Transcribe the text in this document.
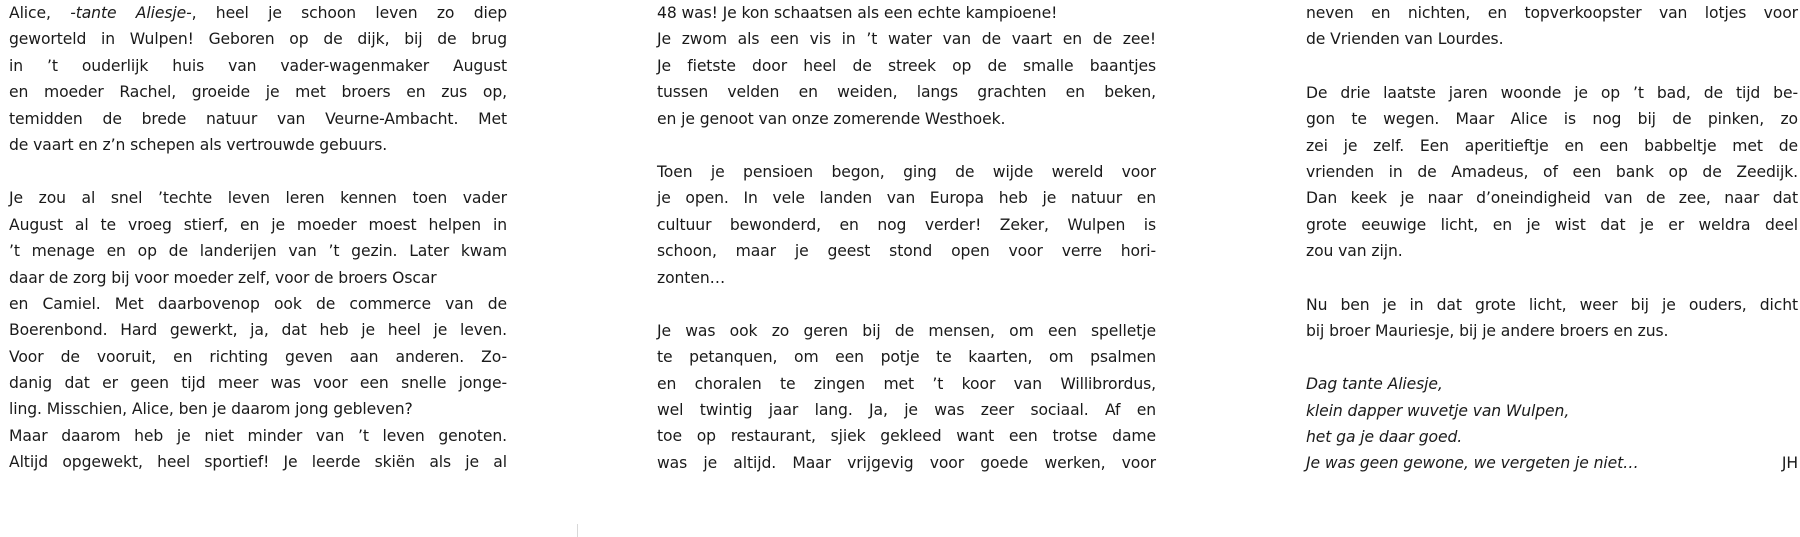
Alice, -tante Aliesje-, heel je schoon leven zo diep
geworteld in Wulpen! Geboren op de dijk, bij de brug
in ’t ouderlijk huis van vader-wagenmaker August
en moeder Rachel, groeide je met broers en zus op,
temidden de brede natuur van Veurne-Ambacht. Met
de vaart en z’n schepen als vertrouwde gebuurs.
Je zou al snel ’techte leven leren kennen toen vader
August al te vroeg stierf, en je moeder moest helpen in
’t menage en op de landerijen van ’t gezin. Later kwam
daar de zorg bij voor moeder zelf, voor de broers Oscar
en Camiel. Met daarbovenop ook de commerce van de
Boerenbond. Hard gewerkt, ja, dat heb je heel je leven.
Voor de vooruit, en richting geven aan anderen. Zo-
danig dat er geen tijd meer was voor een snelle jonge-
ling. Misschien, Alice, ben je daarom jong gebleven?
Maar daarom heb je niet minder van ’t leven genoten.
Altijd opgewekt, heel sportief! Je leerde skiën als je al
48 was! Je kon schaatsen als een echte kampioene!
Je zwom als een vis in ’t water van de vaart en de zee!
Je fietste door heel de streek op de smalle baantjes
tussen velden en weiden, langs grachten en beken,
en je genoot van onze zomerende Westhoek.
Toen je pensioen begon, ging de wijde wereld voor
je open. In vele landen van Europa heb je natuur en
cultuur bewonderd, en nog verder! Zeker, Wulpen is
schoon, maar je geest stond open voor verre hori-
zonten…
Je was ook zo geren bij de mensen, om een spelletje
te petanquen, om een potje te kaarten, om psalmen
en choralen te zingen met ’t koor van Willibrordus,
wel twintig jaar lang. Ja, je was zeer sociaal. Af en
toe op restaurant, sjiek gekleed want een trotse dame
was je altijd. Maar vrijgevig voor goede werken, voor
neven en nichten, en topverkoopster van lotjes voor
de Vrienden van Lourdes.
De drie laatste jaren woonde je op ’t bad, de tijd be-
gon te wegen. Maar Alice is nog bij de pinken, zo
zei je zelf. Een aperitieftje en een babbeltje met de
vrienden in de Amadeus, of een bank op de Zeedijk.
Dan keek je naar d’oneindigheid van de zee, naar dat
grote eeuwige licht, en je wist dat je er weldra deel
zou van zijn.
Nu ben je in dat grote licht, weer bij je ouders, dicht
bij broer Mauriesje, bij je andere broers en zus.
Dag tante Aliesje,
klein dapper wuvetje van Wulpen,
het ga je daar goed.
Je was geen gewone, we vergeten je niet…	JH
